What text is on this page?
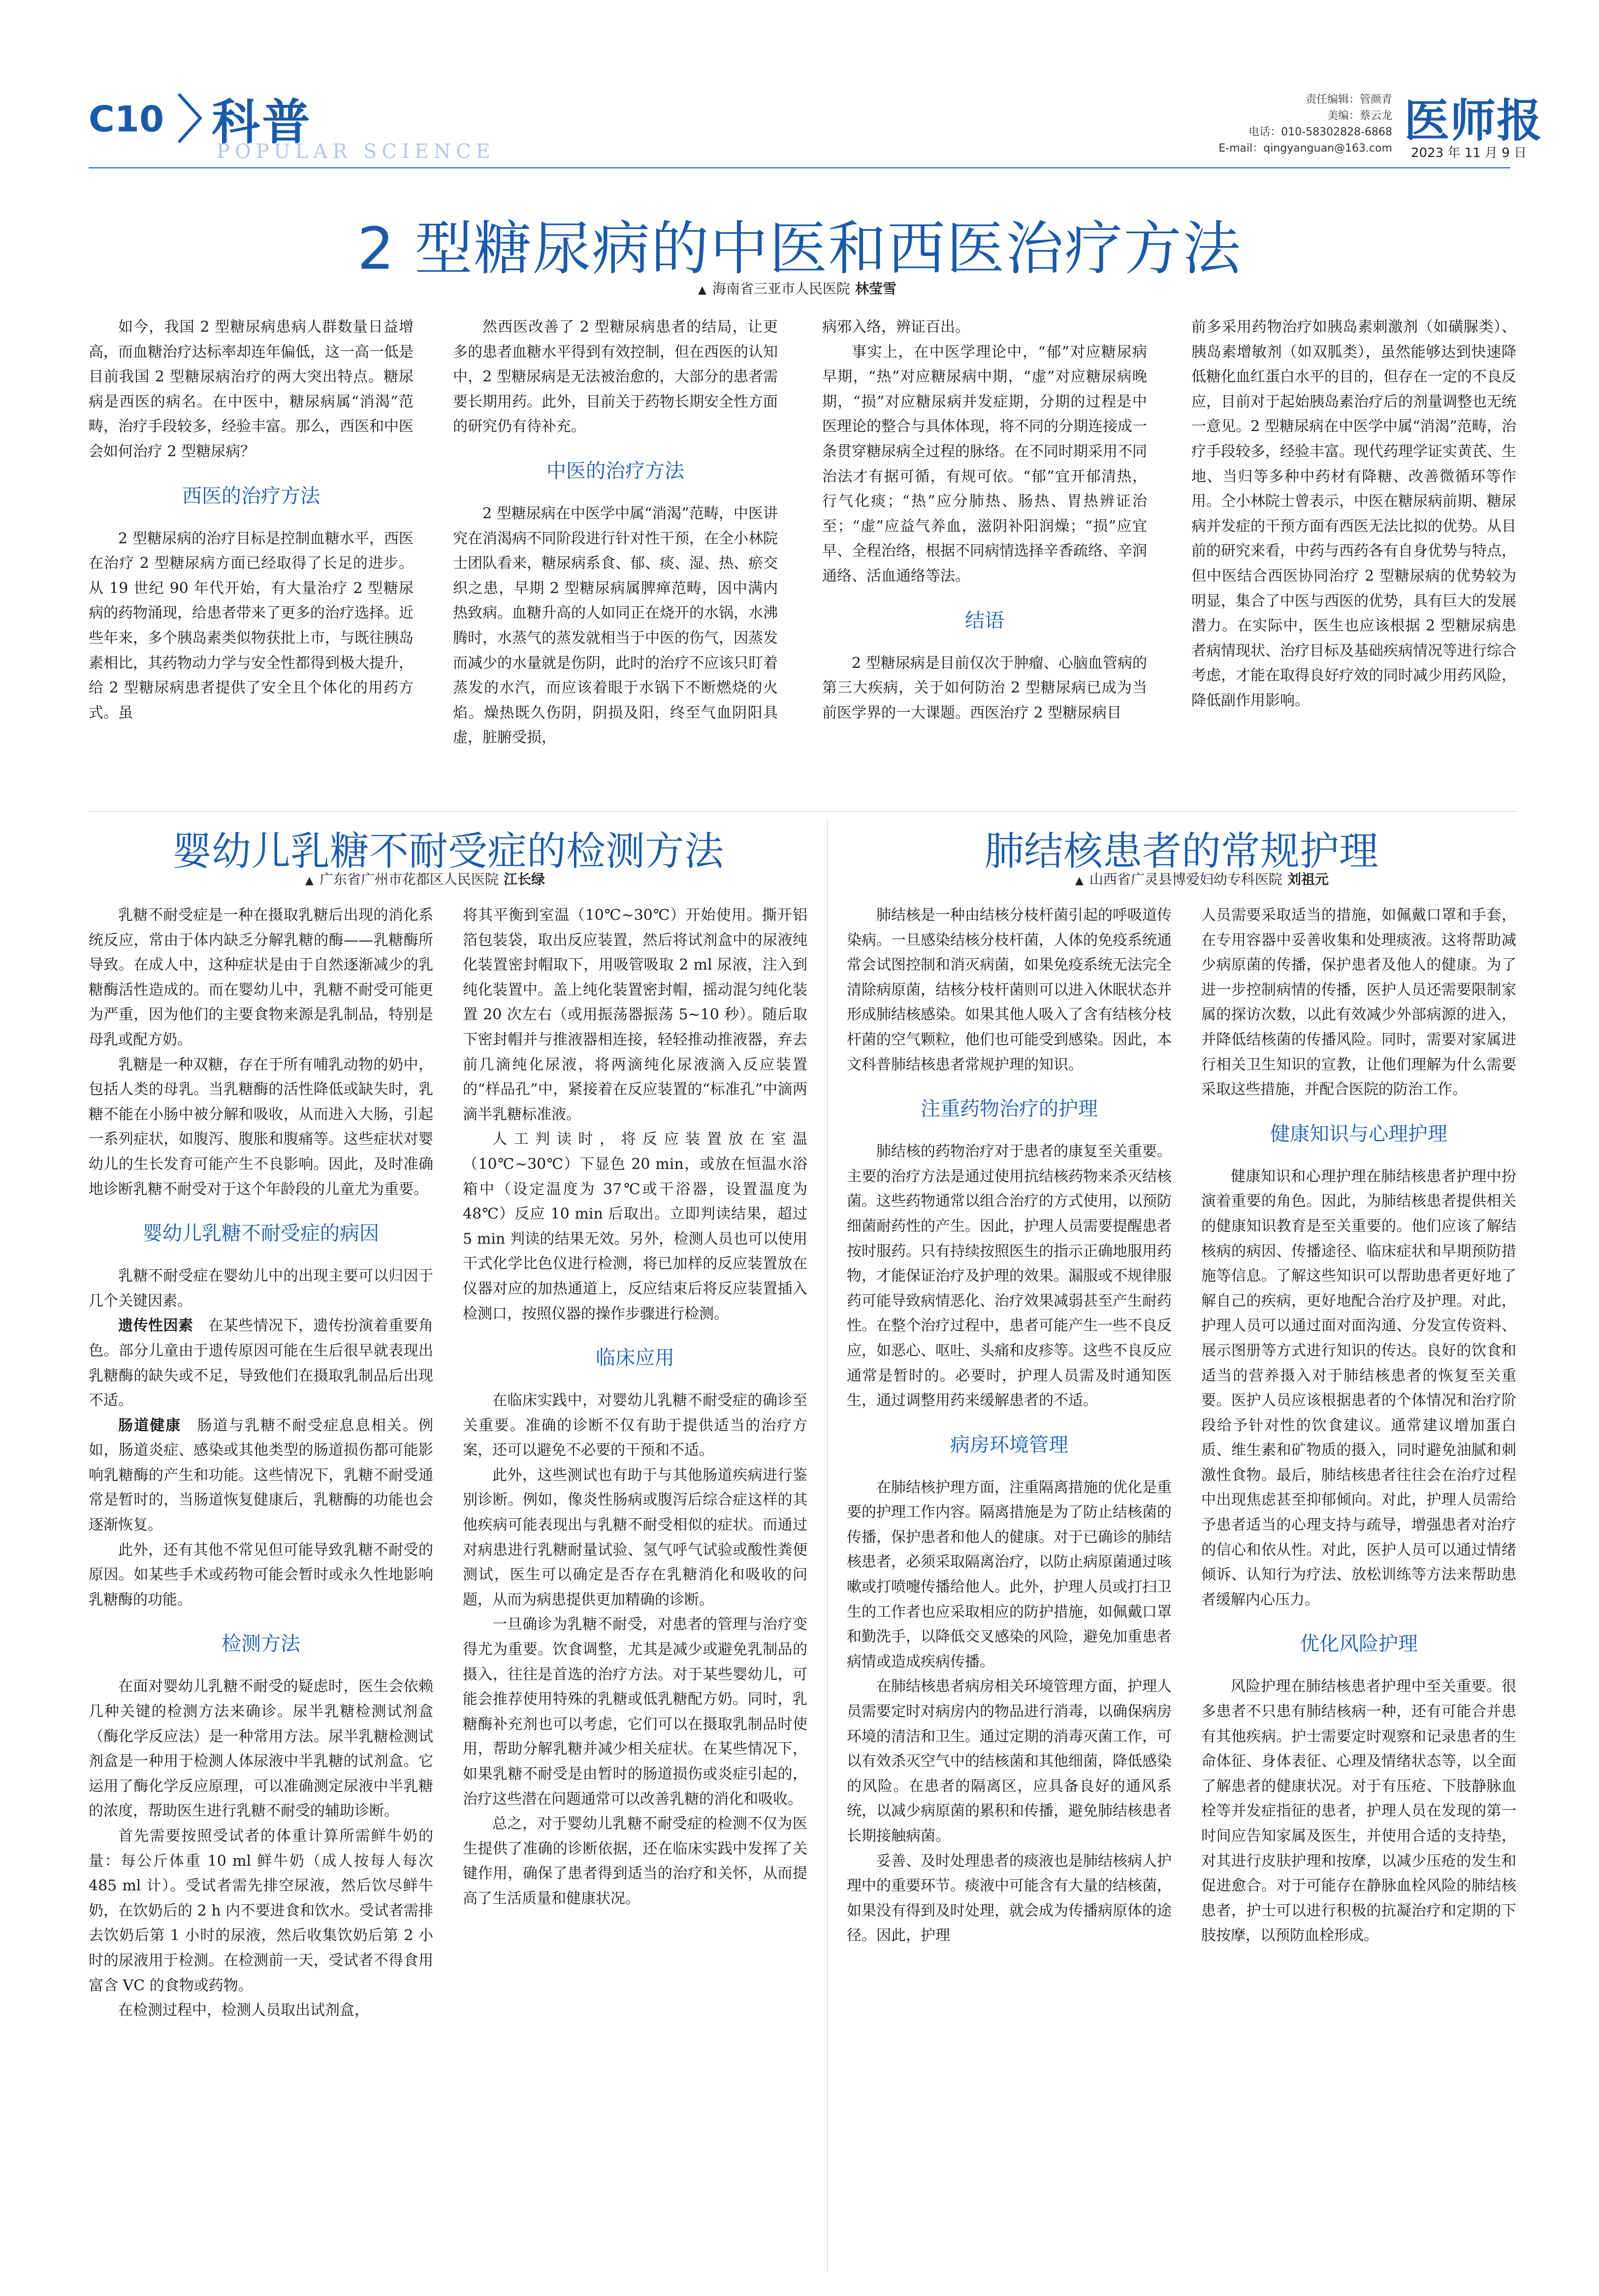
C10 科普
POPULAR SCIENCE
责任编辑：管颜青
美编：蔡云龙
电话：010-58302828-6868
E-mail：qingyanguan@163.com
医师报
2023 年 11 月 9 日
2 型糖尿病的中医和西医治疗方法
▲ 海南省三亚市人民医院 林莹雪

如今，我国 2 型糖尿病患病人群数量日益增高，而血糖治疗达标率却连年偏低，这一高一低是目前我国 2 型糖尿病治疗的两大突出特点。糖尿病是西医的病名。在中医中，糖尿病属“消渴”范畴，治疗手段较多，经验丰富。那么，西医和中医会如何治疗 2 型糖尿病？

西医的治疗方法

2 型糖尿病的治疗目标是控制血糖水平，西医在治疗 2 型糖尿病方面已经取得了长足的进步。从 19 世纪 90 年代开始，有大量治疗 2 型糖尿病的药物涌现，给患者带来了更多的治疗选择。近些年来，多个胰岛素类似物获批上市，与既往胰岛素相比，其药物动力学与安全性都得到极大提升，给 2 型糖尿病患者提供了安全且个体化的用药方式。虽

然西医改善了 2 型糖尿病患者的结局，让更多的患者血糖水平得到有效控制，但在西医的认知中，2 型糖尿病是无法被治愈的，大部分的患者需要长期用药。此外，目前关于药物长期安全性方面的研究仍有待补充。

中医的治疗方法

2 型糖尿病在中医学中属“消渴”范畴，中医讲究在消渴病不同阶段进行针对性干预，在全小林院士团队看来，糖尿病系食、郁、痰、湿、热、瘀交织之患，早期 2 型糖尿病属脾瘅范畴，因中满内热致病。血糖升高的人如同正在烧开的水锅，水沸腾时，水蒸气的蒸发就相当于中医的伤气，因蒸发而减少的水量就是伤阴，此时的治疗不应该只盯着蒸发的水汽，而应该着眼于水锅下不断燃烧的火焰。燥热既久伤阴，阴损及阳，终至气血阴阳具虚，脏腑受损，

病邪入络，辨证百出。

事实上，在中医学理论中，“郁”对应糖尿病早期，“热”对应糖尿病中期，“虚”对应糖尿病晚期，“损”对应糖尿病并发症期，分期的过程是中医理论的整合与具体体现，将不同的分期连接成一条贯穿糖尿病全过程的脉络。在不同时期采用不同治法才有据可循，有规可依。“郁”宜开郁清热，行气化痰；“热”应分肺热、肠热、胃热辨证治至；“虚”应益气养血，滋阴补阳润燥；“损”应宜早、全程治络，根据不同病情选择辛香疏络、辛润通络、活血通络等法。

结语

2 型糖尿病是目前仅次于肿瘤、心脑血管病的第三大疾病，关于如何防治 2 型糖尿病已成为当前医学界的一大课题。西医治疗 2 型糖尿病目

前多采用药物治疗如胰岛素刺激剂（如磺脲类）、胰岛素增敏剂（如双胍类），虽然能够达到快速降低糖化血红蛋白水平的目的，但存在一定的不良反应，目前对于起始胰岛素治疗后的剂量调整也无统一意见。2 型糖尿病在中医学中属“消渴”范畴，治疗手段较多，经验丰富。现代药理学证实黄芪、生地、当归等多种中药材有降糖、改善微循环等作用。仝小林院士曾表示，中医在糖尿病前期、糖尿病并发症的干预方面有西医无法比拟的优势。从目前的研究来看，中药与西药各有自身优势与特点，但中医结合西医协同治疗 2 型糖尿病的优势较为明显，集合了中医与西医的优势，具有巨大的发展潜力。在实际中，医生也应该根据 2 型糖尿病患者病情现状、治疗目标及基础疾病情况等进行综合考虑，才能在取得良好疗效的同时减少用药风险，降低副作用影响。

婴幼儿乳糖不耐受症的检测方法
▲ 广东省广州市花都区人民医院 江长绿

乳糖不耐受症是一种在摄取乳糖后出现的消化系统反应，常由于体内缺乏分解乳糖的酶——乳糖酶所导致。在成人中，这种症状是由于自然逐渐减少的乳糖酶活性造成的。而在婴幼儿中，乳糖不耐受可能更为严重，因为他们的主要食物来源是乳制品，特别是母乳或配方奶。

乳糖是一种双糖，存在于所有哺乳动物的奶中，包括人类的母乳。当乳糖酶的活性降低或缺失时，乳糖不能在小肠中被分解和吸收，从而进入大肠，引起一系列症状，如腹泻、腹胀和腹痛等。这些症状对婴幼儿的生长发育可能产生不良影响。因此，及时准确地诊断乳糖不耐受对于这个年龄段的儿童尤为重要。

婴幼儿乳糖不耐受症的病因

乳糖不耐受症在婴幼儿中的出现主要可以归因于几个关键因素。

遗传性因素　 在某些情况下，遗传扮演着重要角色。部分儿童由于遗传原因可能在生后很早就表现出乳糖酶的缺失或不足，导致他们在摄取乳制品后出现不适。

肠道健康　 肠道与乳糖不耐受症息息相关。例如，肠道炎症、感染或其他类型的肠道损伤都可能影响乳糖酶的产生和功能。这些情况下，乳糖不耐受通常是暂时的，当肠道恢复健康后，乳糖酶的功能也会逐渐恢复。

此外，还有其他不常见但可能导致乳糖不耐受的原因。如某些手术或药物可能会暂时或永久性地影响乳糖酶的功能。

检测方法

在面对婴幼儿乳糖不耐受的疑虑时，医生会依赖几种关键的检测方法来确诊。尿半乳糖检测试剂盒（酶化学反应法）是一种常用方法。尿半乳糖检测试剂盒是一种用于检测人体尿液中半乳糖的试剂盒。它运用了酶化学反应原理，可以准确测定尿液中半乳糖的浓度，帮助医生进行乳糖不耐受的辅助诊断。

首先需要按照受试者的体重计算所需鲜牛奶的量：每公斤体重 10 ml 鲜牛奶（成人按每人每次 485 ml 计）。受试者需先排空尿液，然后饮尽鲜牛奶，在饮奶后的 2 h 内不要进食和饮水。受试者需排去饮奶后第 1 小时的尿液，然后收集饮奶后第 2 小时的尿液用于检测。在检测前一天，受试者不得食用富含 VC 的食物或药物。

在检测过程中，检测人员取出试剂盒，

将其平衡到室温（10℃~30℃）开始使用。撕开铝箔包装袋，取出反应装置，然后将试剂盒中的尿液纯化装置密封帽取下，用吸管吸取 2 ml 尿液，注入到纯化装置中。盖上纯化装置密封帽，摇动混匀纯化装置 20 次左右（或用振荡器振荡 5~10 秒）。随后取下密封帽并与推液器相连接，轻轻推动推液器，弃去前几滴纯化尿液，将两滴纯化尿液滴入反应装置的“样品孔”中，紧接着在反应装置的“标准孔”中滴两滴半乳糖标准液。

人工判读时，将反应装置放在室温（10℃~30℃）下显色 20 min，或放在恒温水浴箱中（设定温度为 37℃或干浴器，设置温度为 48℃）反应 10 min 后取出。立即判读结果，超过 5 min 判读的结果无效。另外，检测人员也可以使用干式化学比色仪进行检测，将已加样的反应装置放在仪器对应的加热通道上，反应结束后将反应装置插入检测口，按照仪器的操作步骤进行检测。

临床应用

在临床实践中，对婴幼儿乳糖不耐受症的确诊至关重要。准确的诊断不仅有助于提供适当的治疗方案，还可以避免不必要的干预和不适。

此外，这些测试也有助于与其他肠道疾病进行鉴别诊断。例如，像炎性肠病或腹泻后综合症这样的其他疾病可能表现出与乳糖不耐受相似的症状。而通过对病患进行乳糖耐量试验、氢气呼气试验或酸性粪便测试，医生可以确定是否存在乳糖消化和吸收的问题，从而为病患提供更加精确的诊断。

一旦确诊为乳糖不耐受，对患者的管理与治疗变得尤为重要。饮食调整，尤其是减少或避免乳制品的摄入，往往是首选的治疗方法。对于某些婴幼儿，可能会推荐使用特殊的乳糖或低乳糖配方奶。同时，乳糖酶补充剂也可以考虑，它们可以在摄取乳制品时使用，帮助分解乳糖并减少相关症状。在某些情况下，如果乳糖不耐受是由暂时的肠道损伤或炎症引起的，治疗这些潜在问题通常可以改善乳糖的消化和吸收。

总之，对于婴幼儿乳糖不耐受症的检测不仅为医生提供了准确的诊断依据，还在临床实践中发挥了关键作用，确保了患者得到适当的治疗和关怀，从而提高了生活质量和健康状况。

肺结核患者的常规护理
▲ 山西省广灵县博爱妇幼专科医院 刘祖元

肺结核是一种由结核分枝杆菌引起的呼吸道传染病。一旦感染结核分枝杆菌，人体的免疫系统通常会试图控制和消灭病菌，如果免疫系统无法完全清除病原菌，结核分枝杆菌则可以进入休眠状态并形成肺结核感染。如果其他人吸入了含有结核分枝杆菌的空气颗粒，他们也可能受到感染。因此，本文科普肺结核患者常规护理的知识。

注重药物治疗的护理

肺结核的药物治疗对于患者的康复至关重要。主要的治疗方法是通过使用抗结核药物来杀灭结核菌。这些药物通常以组合治疗的方式使用，以预防细菌耐药性的产生。因此，护理人员需要提醒患者按时服药。只有持续按照医生的指示正确地服用药物，才能保证治疗及护理的效果。漏服或不规律服药可能导致病情恶化、治疗效果减弱甚至产生耐药性。在整个治疗过程中，患者可能产生一些不良反应，如恶心、呕吐、头痛和皮疹等。这些不良反应通常是暂时的。必要时，护理人员需及时通知医生，通过调整用药来缓解患者的不适。

病房环境管理

在肺结核护理方面，注重隔离措施的优化是重要的护理工作内容。隔离措施是为了防止结核菌的传播，保护患者和他人的健康。对于已确诊的肺结核患者，必须采取隔离治疗，以防止病原菌通过咳嗽或打喷嚏传播给他人。此外，护理人员或打扫卫生的工作者也应采取相应的防护措施，如佩戴口罩和勤洗手，以降低交叉感染的风险，避免加重患者病情或造成疾病传播。

在肺结核患者病房相关环境管理方面，护理人员需要定时对病房内的物品进行消毒，以确保病房环境的清洁和卫生。通过定期的消毒灭菌工作，可以有效杀灭空气中的结核菌和其他细菌，降低感染的风险。在患者的隔离区，应具备良好的通风系统，以减少病原菌的累积和传播，避免肺结核患者长期接触病菌。

妥善、及时处理患者的痰液也是肺结核病人护理中的重要环节。痰液中可能含有大量的结核菌，如果没有得到及时处理，就会成为传播病原体的途径。因此，护理

人员需要采取适当的措施，如佩戴口罩和手套，在专用容器中妥善收集和处理痰液。这将帮助减少病原菌的传播，保护患者及他人的健康。为了进一步控制病情的传播，医护人员还需要限制家属的探访次数，以此有效减少外部病源的进入，并降低结核菌的传播风险。同时，需要对家属进行相关卫生知识的宣教，让他们理解为什么需要采取这些措施，并配合医院的防治工作。

健康知识与心理护理

健康知识和心理护理在肺结核患者护理中扮演着重要的角色。因此，为肺结核患者提供相关的健康知识教育是至关重要的。他们应该了解结核病的病因、传播途径、临床症状和早期预防措施等信息。了解这些知识可以帮助患者更好地了解自己的疾病，更好地配合治疗及护理。对此，护理人员可以通过面对面沟通、分发宣传资料、展示图册等方式进行知识的传达。良好的饮食和适当的营养摄入对于肺结核患者的恢复至关重要。医护人员应该根据患者的个体情况和治疗阶段给予针对性的饮食建议。通常建议增加蛋白质、维生素和矿物质的摄入，同时避免油腻和刺激性食物。最后，肺结核患者往往会在治疗过程中出现焦虑甚至抑郁倾向。对此，护理人员需给予患者适当的心理支持与疏导，增强患者对治疗的信心和依从性。对此，医护人员可以通过情绪倾诉、认知行为疗法、放松训练等方法来帮助患者缓解内心压力。

优化风险护理

风险护理在肺结核患者护理中至关重要。很多患者不只患有肺结核病一种，还有可能合并患有其他疾病。护士需要定时观察和记录患者的生命体征、身体表征、心理及情绪状态等，以全面了解患者的健康状况。对于有压疮、下肢静脉血栓等并发症指征的患者，护理人员在发现的第一时间应告知家属及医生，并使用合适的支持垫，对其进行皮肤护理和按摩，以减少压疮的发生和促进愈合。对于可能存在静脉血栓风险的肺结核患者，护士可以进行积极的抗凝治疗和定期的下肢按摩，以预防血栓形成。
